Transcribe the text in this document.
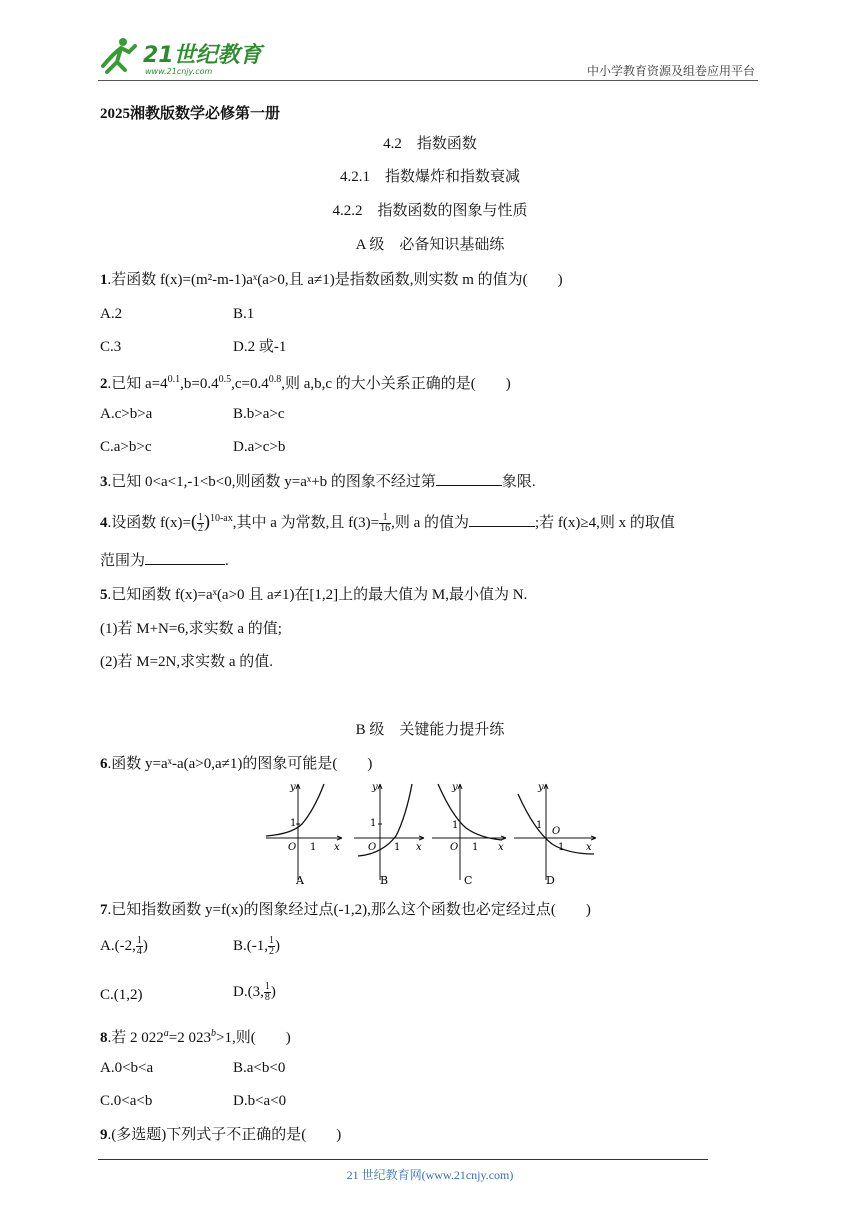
21世纪教育
www.21cnjy.com	中小学教育资源及组卷应用平台
2025湘教版数学必修第一册
4.2　指数函数
4.2.1　指数爆炸和指数衰减
4.2.2　指数函数的图象与性质
A 级　必备知识基础练
1.若函数 f(x)=(m²-m-1)aˣ(a>0,且 a≠1)是指数函数,则实数 m 的值为(　　)
A.2	B.1
C.3	D.2 或-1
2.已知 $a=4^{0.1},b=0.4^{0.5},c=0.4^{0.8}$,则 a,b,c 的大小关系正确的是(　　)
A.c>b>a	B.b>a>c
C.a>b>c	D.a>c>b
3.已知 0<a<1,-1<b<0,则函数 y=aˣ+b 的图象不经过第	象限.
4.设函数 $f(x)=( \frac{1}{2} )^{10-ax}$,其中 a 为常数,且 $f(3)= \frac{1}{16}$ ,则 a 的值为	;若 f(x)≥4,则 x 的取值
范围为	.
5.已知函数 f(x)=aˣ(a>0 且 a≠1)在[1,2]上的最大值为 M,最小值为 N.
(1)若 M+N=6,求实数 a 的值;
(2)若 M=2N,求实数 a 的值.
B 级　关键能力提升练
6.函数 y=aˣ-a(a>0,a≠1)的图象可能是(　　)
y
1
O 1 x
A
y
1
O 1 x
B
y
1
O 1 x
C
y
1
O
1 x
D
7.已知指数函数 y=f(x)的图象经过点(-1,2),那么这个函数也必定经过点(　　)
A.(-2, $\frac{1}{4}$ )	B.(-1, $\frac{1}{2}$ )
C.(1,2)	D.(3, $\frac{1}{8}$ )
8.若 2 $022^a=2$ $023^b>1$,则(　　)
A.0<b<a	B.a<b<0
C.0<a<b	D.b<a<0
9.(多选题)下列式子不正确的是(　　)
21 世纪教育网(www.21cnjy.com)
